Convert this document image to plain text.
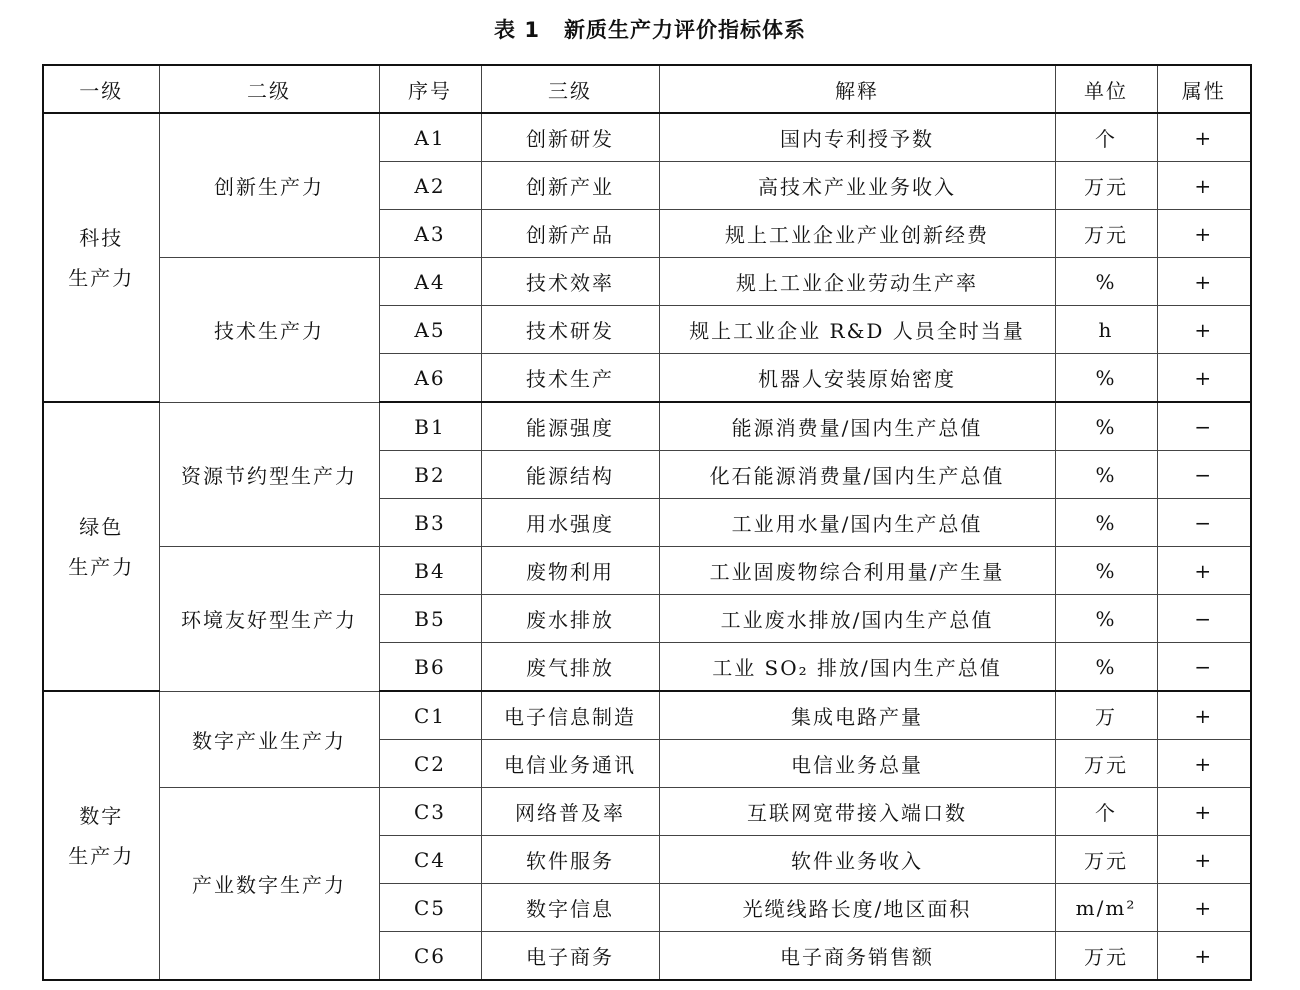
表 1 新质生产力评价指标体系
一级	二级	序号	三级	解释	单位	属性

科技
生产力	创新生产力	A1	创新研发	国内专利授予数	个	+
		A2	创新产业	高技术产业业务收入	万元	+
		A3	创新产品	规上工业企业产业创新经费	万元	+
	技术生产力	A4	技术效率	规上工业企业劳动生产率	%	+
		A5	技术研发	规上工业企业 R&D 人员全时当量	h	+
		A6	技术生产	机器人安装原始密度	%	+

绿色
生产力	资源节约型生产力	B1	能源强度	能源消费量/国内生产总值	%	−
		B2	能源结构	化石能源消费量/国内生产总值	%	−
		B3	用水强度	工业用水量/国内生产总值	%	−
	环境友好型生产力	B4	废物利用	工业固废物综合利用量/产生量	%	+
		B5	废水排放	工业废水排放/国内生产总值	%	−
		B6	废气排放	工业 SO₂ 排放/国内生产总值	%	−

数字
生产力	数字产业生产力	C1	电子信息制造	集成电路产量	万	+
		C2	电信业务通讯	电信业务总量	万元	+
	产业数字生产力	C3	网络普及率	互联网宽带接入端口数	个	+
		C4	软件服务	软件业务收入	万元	+
		C5	数字信息	光缆线路长度/地区面积	m/m²	+
		C6	电子商务	电子商务销售额	万元	+
